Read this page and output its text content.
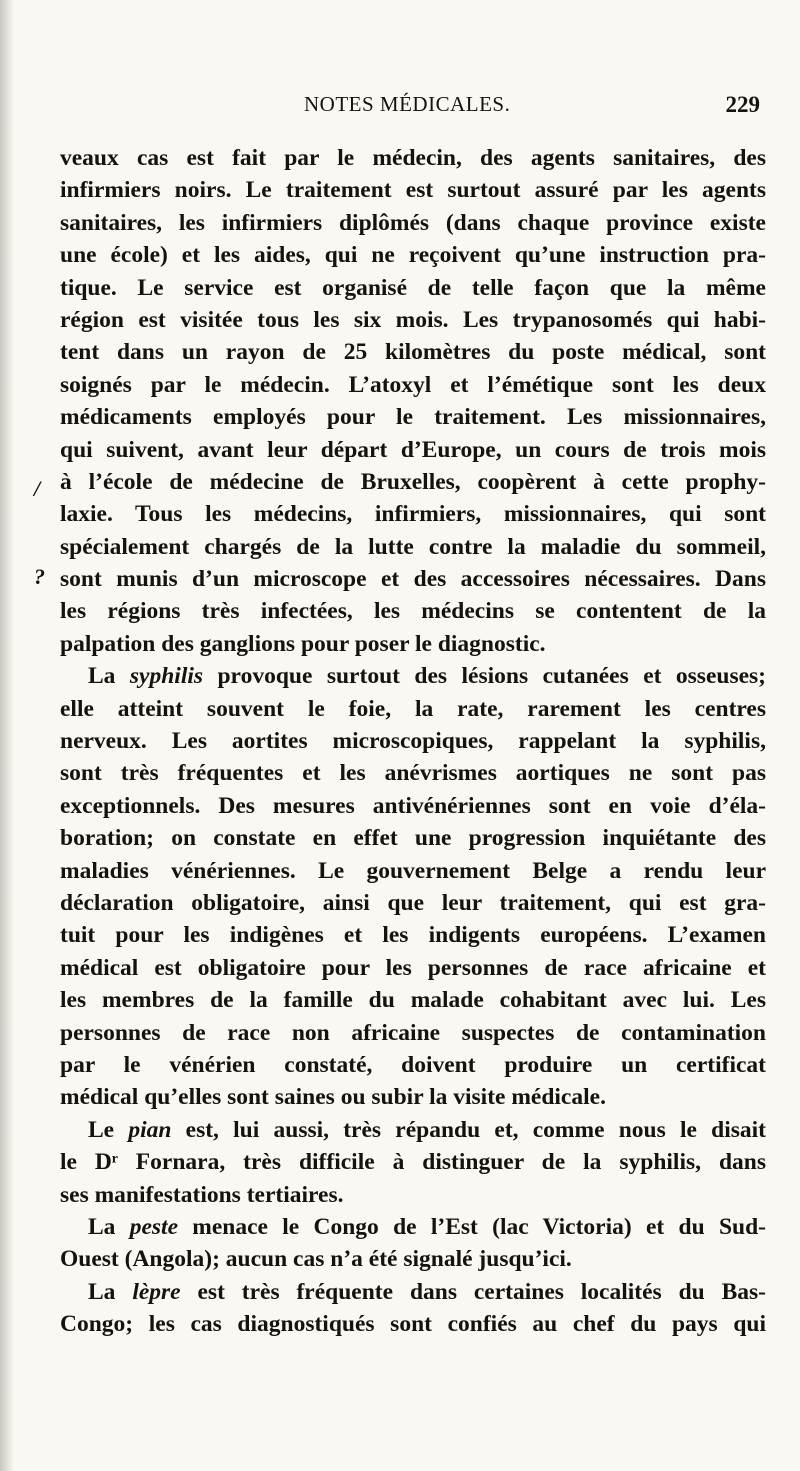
NOTES MÉDICALES.	229
/
?
veaux cas est fait par le médecin, des agents sanitaires, des
infirmiers noirs. Le traitement est surtout assuré par les agents
sanitaires, les infirmiers diplômés (dans chaque province existe
une école) et les aides, qui ne reçoivent qu’une instruction pra-
tique. Le service est organisé de telle façon que la même
région est visitée tous les six mois. Les trypanosomés qui habi-
tent dans un rayon de 25 kilomètres du poste médical, sont
soignés par le médecin. L’atoxyl et l’émétique sont les deux
médicaments employés pour le traitement. Les missionnaires,
qui suivent, avant leur départ d’Europe, un cours de trois mois
à l’école de médecine de Bruxelles, coopèrent à cette prophy-
laxie. Tous les médecins, infirmiers, missionnaires, qui sont
spécialement chargés de la lutte contre la maladie du sommeil,
sont munis d’un microscope et des accessoires nécessaires. Dans
les régions très infectées, les médecins se contentent de la
palpation des ganglions pour poser le diagnostic.
La syphilis provoque surtout des lésions cutanées et osseuses;
elle atteint souvent le foie, la rate, rarement les centres
nerveux. Les aortites microscopiques, rappelant la syphilis,
sont très fréquentes et les anévrismes aortiques ne sont pas
exceptionnels. Des mesures antivénériennes sont en voie d’éla-
boration; on constate en effet une progression inquiétante des
maladies vénériennes. Le gouvernement Belge a rendu leur
déclaration obligatoire, ainsi que leur traitement, qui est gra-
tuit pour les indigènes et les indigents européens. L’examen
médical est obligatoire pour les personnes de race africaine et
les membres de la famille du malade cohabitant avec lui. Les
personnes de race non africaine suspectes de contamination
par le vénérien constaté, doivent produire un certificat
médical qu’elles sont saines ou subir la visite médicale.
Le pian est, lui aussi, très répandu et, comme nous le disait
le Dʳ Fornara, très difficile à distinguer de la syphilis, dans
ses manifestations tertiaires.
La peste menace le Congo de l’Est (lac Victoria) et du Sud-
Ouest (Angola); aucun cas n’a été signalé jusqu’ici.
La lèpre est très fréquente dans certaines localités du Bas-
Congo; les cas diagnostiqués sont confiés au chef du pays qui
